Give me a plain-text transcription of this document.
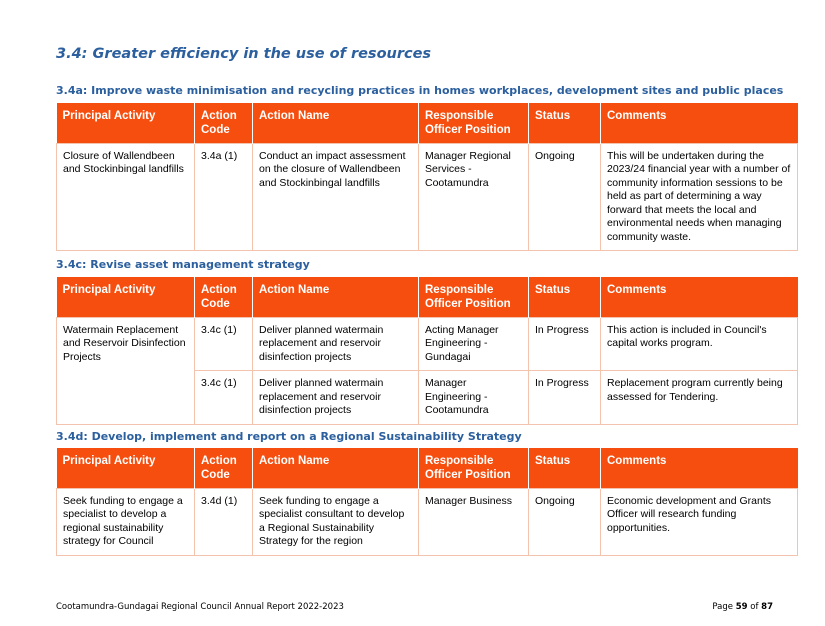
3.4: Greater efficiency in the use of resources
3.4a: Improve waste minimisation and recycling practices in homes workplaces, development sites and public places
Principal Activity	Action Code	Action Name	Responsible Officer Position	Status	Comments
Closure of Wallendbeen and Stockinbingal landfills	3.4a (1)	Conduct an impact assessment on the closure of Wallendbeen and Stockinbingal landfills	Manager Regional Services - Cootamundra	Ongoing	This will be undertaken during the 2023/24 financial year with a number of community information sessions to be held as part of determining a way forward that meets the local and environmental needs when managing community waste.
3.4c: Revise asset management strategy
Principal Activity	Action Code	Action Name	Responsible Officer Position	Status	Comments
Watermain Replacement and Reservoir Disinfection Projects	3.4c (1)	Deliver planned watermain replacement and reservoir disinfection projects	Acting Manager Engineering - Gundagai	In Progress	This action is included in Council's capital works program.
	3.4c (1)	Deliver planned watermain replacement and reservoir disinfection projects	Manager Engineering - Cootamundra	In Progress	Replacement program currently being assessed for Tendering.
3.4d: Develop, implement and report on a Regional Sustainability Strategy
Principal Activity	Action Code	Action Name	Responsible Officer Position	Status	Comments
Seek funding to engage a specialist to develop a regional sustainability strategy for Council	3.4d (1)	Seek funding to engage a specialist consultant to develop a Regional Sustainability Strategy for the region	Manager Business	Ongoing	Economic development and Grants Officer will research funding opportunities.
Cootamundra-Gundagai Regional Council Annual Report 2022-2023	Page 59 of 87
